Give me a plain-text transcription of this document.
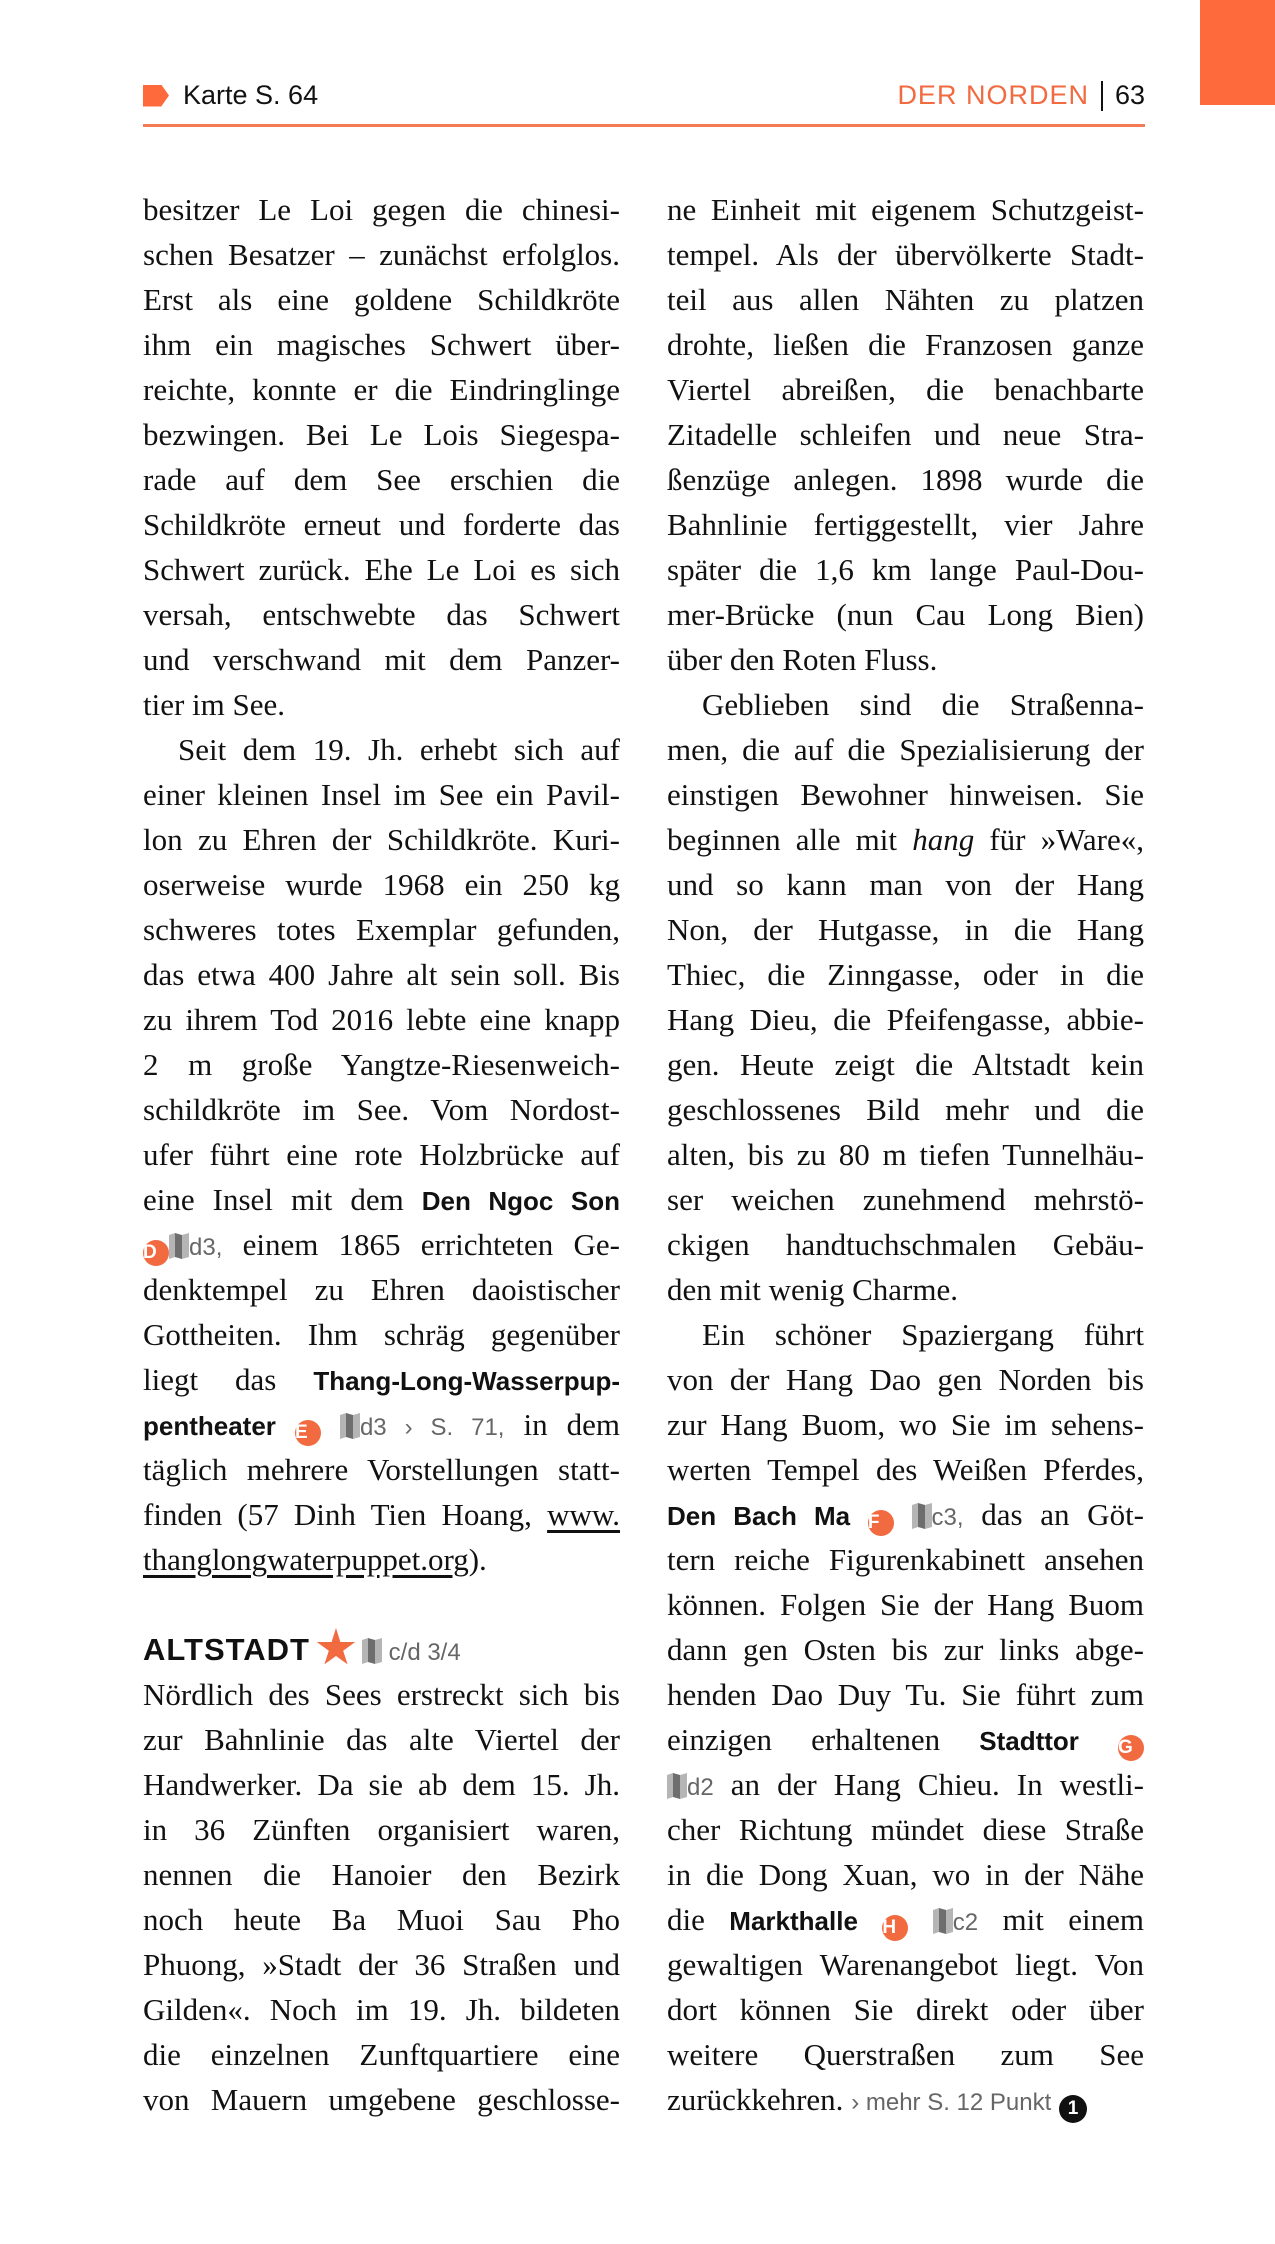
Karte S. 64	DER NORDEN 63
besitzer Le Loi gegen die chinesi-
schen Besatzer – zunächst erfolglos.
Erst als eine goldene Schildkröte
ihm ein magisches Schwert über-
reichte, konnte er die Eindringlinge
bezwingen. Bei Le Lois Siegespa-
rade auf dem See erschien die
Schildkröte erneut und forderte das
Schwert zurück. Ehe Le Loi es sich
versah, entschwebte das Schwert
und verschwand mit dem Panzer-
tier im See.
Seit dem 19. Jh. erhebt sich auf
einer kleinen Insel im See ein Pavil-
lon zu Ehren der Schildkröte. Kuri-
oserweise wurde 1968 ein 250 kg
schweres totes Exemplar gefunden,
das etwa 400 Jahre alt sein soll. Bis
zu ihrem Tod 2016 lebte eine knapp
2 m große Yangtze-Riesenweich-
schildkröte im See. Vom Nordost-
ufer führt eine rote Holzbrücke auf
eine Insel mit dem Den Ngoc Son
D d3, einem 1865 errichteten Ge-
denktempel zu Ehren daoistischer
Gottheiten. Ihm schräg gegenüber
liegt das Thang-Long-Wasserpup-
pentheater E d3 › S. 71, in dem
täglich mehrere Vorstellungen statt-
finden (57 Dinh Tien Hoang, www.
thanglongwaterpuppet.org).

ALTSTADT	c/d 3/4
Nördlich des Sees erstreckt sich bis
zur Bahnlinie das alte Viertel der
Handwerker. Da sie ab dem 15. Jh.
in 36 Zünften organisiert waren,
nennen die Hanoier den Bezirk
noch heute Ba Muoi Sau Pho
Phuong, »Stadt der 36 Straßen und
Gilden«. Noch im 19. Jh. bildeten
die einzelnen Zunftquartiere eine
von Mauern umgebene geschlosse-
ne Einheit mit eigenem Schutzgeist-
tempel. Als der übervölkerte Stadt-
teil aus allen Nähten zu platzen
drohte, ließen die Franzosen ganze
Viertel abreißen, die benachbarte
Zitadelle schleifen und neue Stra-
ßenzüge anlegen. 1898 wurde die
Bahnlinie fertiggestellt, vier Jahre
später die 1,6 km lange Paul-Dou-
mer-Brücke (nun Cau Long Bien)
über den Roten Fluss.
Geblieben sind die Straßenna-
men, die auf die Spezialisierung der
einstigen Bewohner hinweisen. Sie
beginnen alle mit hang für »Ware«,
und so kann man von der Hang
Non, der Hutgasse, in die Hang
Thiec, die Zinngasse, oder in die
Hang Dieu, die Pfeifengasse, abbie-
gen. Heute zeigt die Altstadt kein
geschlossenes Bild mehr und die
alten, bis zu 80 m tiefen Tunnelhäu-
ser weichen zunehmend mehrstö-
ckigen handtuchschmalen Gebäu-
den mit wenig Charme.
Ein schöner Spaziergang führt
von der Hang Dao gen Norden bis
zur Hang Buom, wo Sie im sehens-
werten Tempel des Weißen Pferdes,
Den Bach Ma F c3, das an Göt-
tern reiche Figurenkabinett ansehen
können. Folgen Sie der Hang Buom
dann gen Osten bis zur links abge-
henden Dao Duy Tu. Sie führt zum
einzigen erhaltenen Stadttor G
d2 an der Hang Chieu. In westli-
cher Richtung mündet diese Straße
in die Dong Xuan, wo in der Nähe
die Markthalle H c2 mit einem
gewaltigen Warenangebot liegt. Von
dort können Sie direkt oder über
weitere Querstraßen zum See
zurückkehren. › mehr S. 12 Punkt 1
